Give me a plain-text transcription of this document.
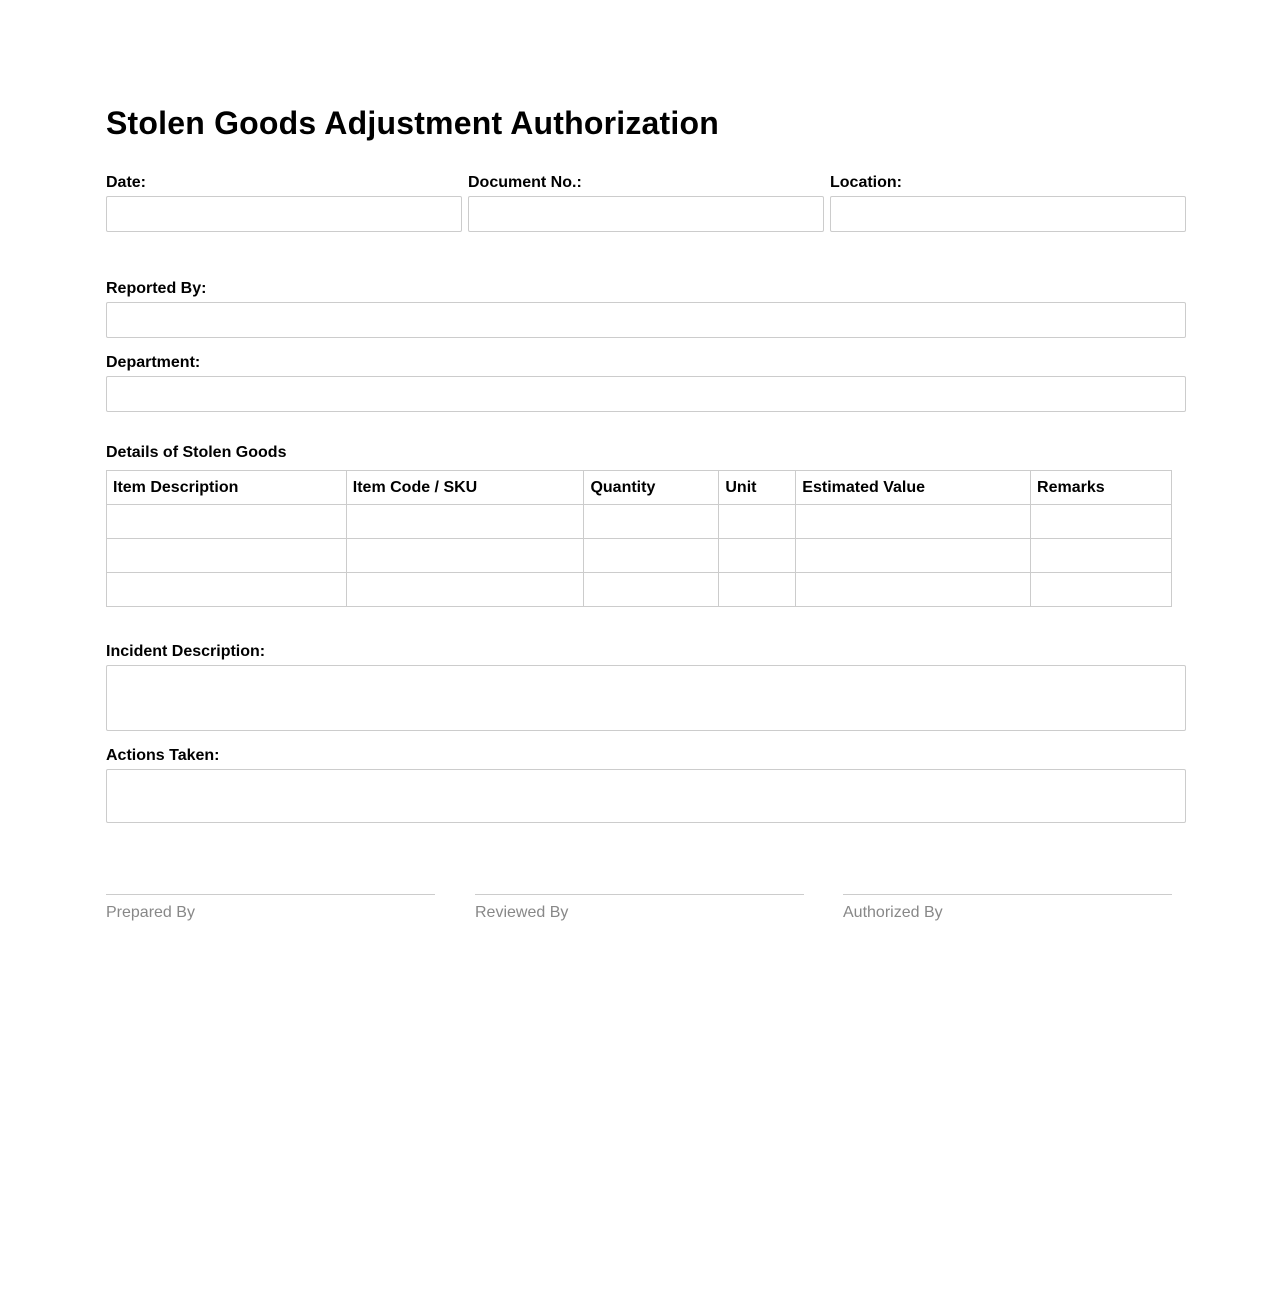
Stolen Goods Adjustment Authorization
Date:	Document No.:	Location:
Reported By:
Department:
Details of Stolen Goods
Item Description	Item Code / SKU	Quantity	Unit	Estimated Value	Remarks

Incident Description:
Actions Taken:
Prepared By	Reviewed By	Authorized By
